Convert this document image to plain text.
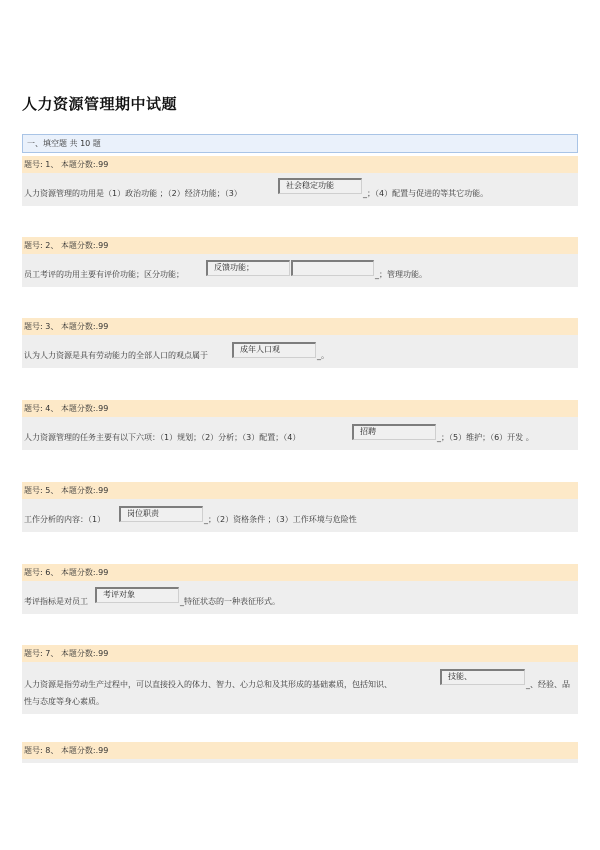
人力资源管理期中试题
一、填空题 共 10 题
题号: 1、 本题分数:.99
人力资源管理的功用是（1）政治功能 ；（2）经济功能；（3）
社会稳定功能
_；（4）配置与促进的等其它功能。
题号: 2、 本题分数:.99
员工考评的功用主要有评价功能；区分功能；
反馈功能；
_；管理功能。
题号: 3、 本题分数:.99
认为人力资源是具有劳动能力的全部人口的观点属于
成年人口观
_。
题号: 4、 本题分数:.99
人力资源管理的任务主要有以下六项：（1）规划；（2）分析；（3）配置；（4）
招聘
_；（5）维护；（6）开发 。
题号: 5、 本题分数:.99
工作分析的内容：（1）
岗位职责
_；（2）资格条件 ；（3）工作环境与危险性
题号: 6、 本题分数:.99
考评指标是对员工
考评对象
_特征状态的一种表征形式。
题号: 7、 本题分数:.99
人力资源是指劳动生产过程中，可以直接投入的体力、智力、心力总和及其形成的基础素质，包括知识、
技能、
_、经验、品
性与态度等身心素质。
题号: 8、 本题分数:.99
